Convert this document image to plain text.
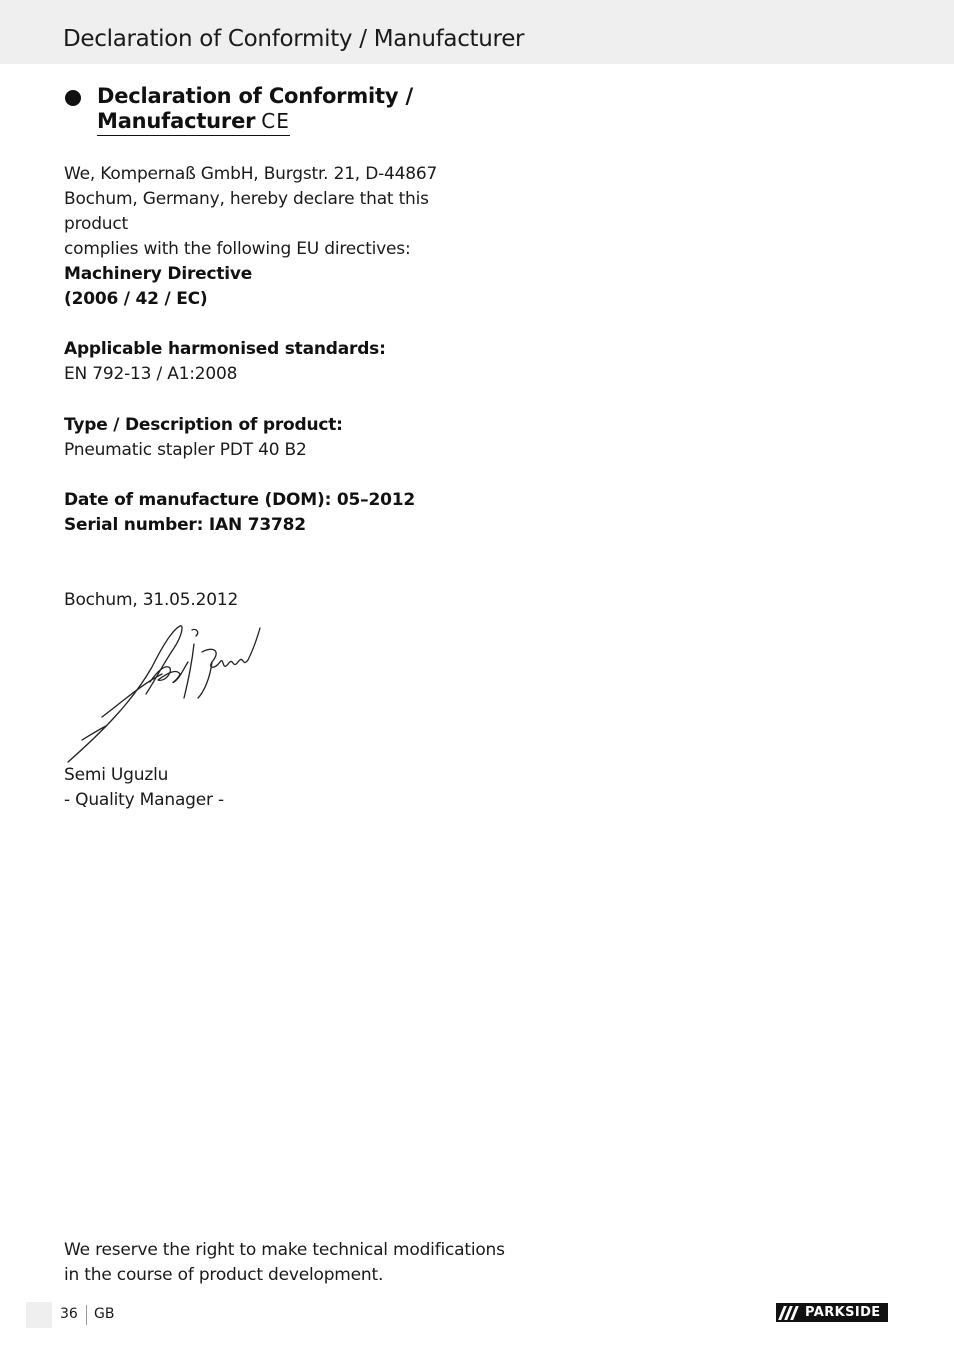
Declaration of Conformity / Manufacturer
Declaration of Conformity /
Manufacturer CE
We, Kompernaß GmbH, Burgstr. 21, D-44867
Bochum, Germany, hereby declare that this product
complies with the following EU directives:
Machinery Directive
(2006 / 42 / EC)
Applicable harmonised standards:
EN 792-13 / A1:2008
Type / Description of product:
Pneumatic stapler PDT 40 B2
Date of manufacture (DOM): 05–2012
Serial number: IAN 73782
Bochum, 31.05.2012
Semi Uguzlu
- Quality Manager -
We reserve the right to make technical modifications
in the course of product development.
36 GB	PARKSIDE
